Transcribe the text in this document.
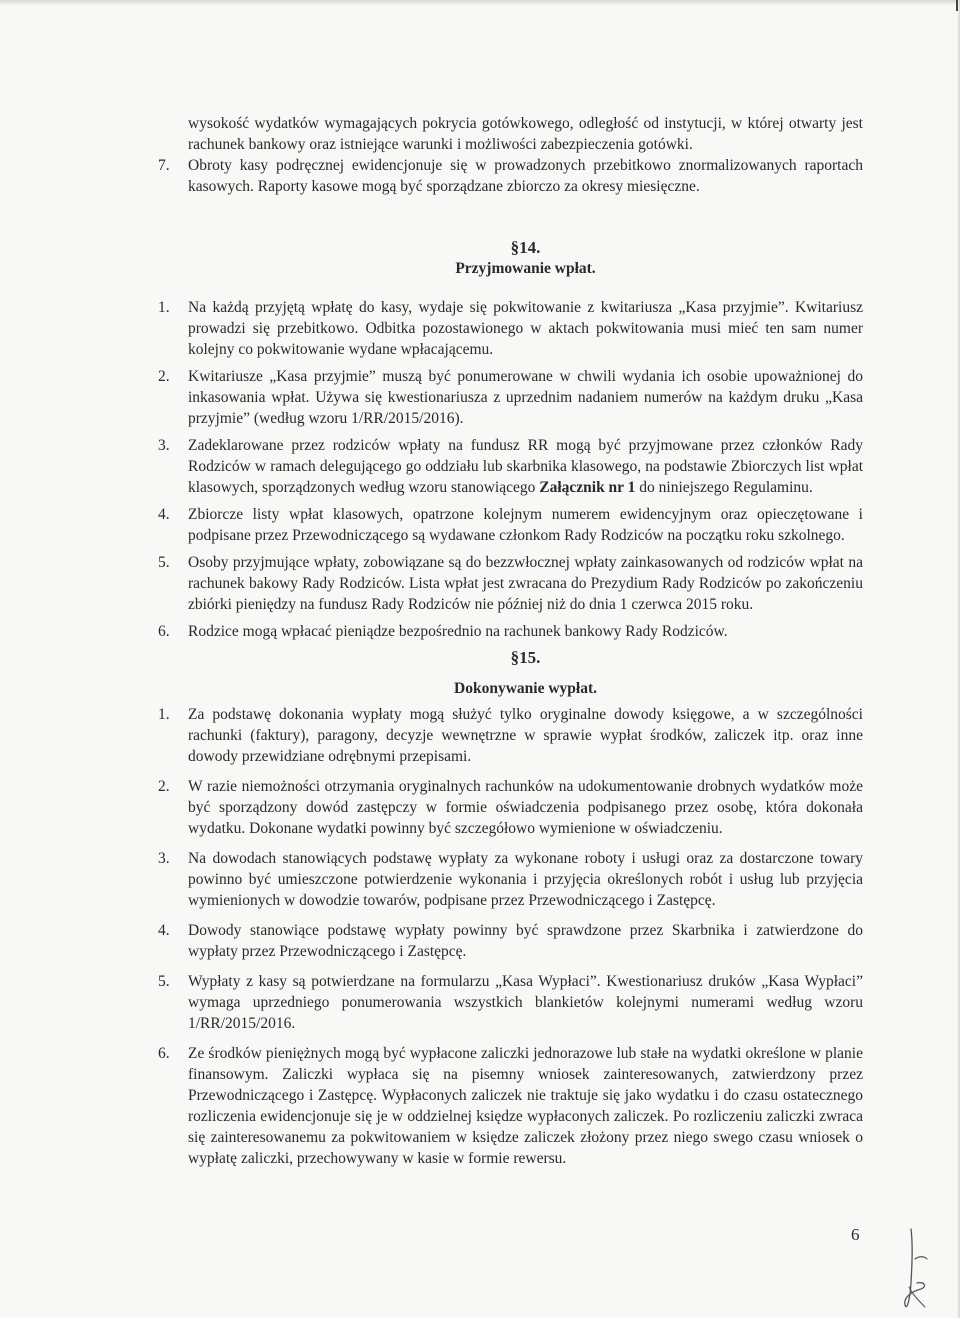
wysokość wydatków wymagających pokrycia gotówkowego, odległość od instytucji, w której otwarty jest rachunek bankowy oraz istniejące warunki i możliwości zabezpieczenia gotówki.

7. Obroty kasy podręcznej ewidencjonuje się w prowadzonych przebitkowo znormalizowanych raportach kasowych. Raporty kasowe mogą być sporządzane zbiorczo za okresy miesięczne.

§14.

Przyjmowanie wpłat.

1. Na każdą przyjętą wpłatę do kasy, wydaje się pokwitowanie z kwitariusza „Kasa przyjmie”. Kwitariusz prowadzi się przebitkowo. Odbitka pozostawionego w aktach pokwitowania musi mieć ten sam numer kolejny co pokwitowanie wydane wpłacającemu.

2. Kwitariusze „Kasa przyjmie” muszą być ponumerowane w chwili wydania ich osobie upoważnionej do inkasowania wpłat. Używa się kwestionariusza z uprzednim nadaniem numerów na każdym druku „Kasa przyjmie” (według wzoru 1/RR/2015/2016).

3. Zadeklarowane przez rodziców wpłaty na fundusz RR mogą być przyjmowane przez członków Rady Rodziców w ramach delegującego go oddziału lub skarbnika klasowego, na podstawie Zbiorczych list wpłat klasowych, sporządzonych według wzoru stanowiącego Załącznik nr 1 do niniejszego Regulaminu.

4. Zbiorcze listy wpłat klasowych, opatrzone kolejnym numerem ewidencyjnym oraz opieczętowane i podpisane przez Przewodniczącego są wydawane członkom Rady Rodziców na początku roku szkolnego.

5. Osoby przyjmujące wpłaty, zobowiązane są do bezzwłocznej wpłaty zainkasowanych od rodziców wpłat na rachunek bakowy Rady Rodziców. Lista wpłat jest zwracana do Prezydium Rady Rodziców po zakończeniu zbiórki pieniędzy na fundusz Rady Rodziców nie później niż do dnia 1 czerwca 2015 roku.

6. Rodzice mogą wpłacać pieniądze bezpośrednio na rachunek bankowy Rady Rodziców.

§15.

Dokonywanie wypłat.

1. Za podstawę dokonania wypłaty mogą służyć tylko oryginalne dowody księgowe, a w szczególności rachunki (faktury), paragony, decyzje wewnętrzne w sprawie wypłat środków, zaliczek itp. oraz inne dowody przewidziane odrębnymi przepisami.

2. W razie niemożności otrzymania oryginalnych rachunków na udokumentowanie drobnych wydatków może być sporządzony dowód zastępczy w formie oświadczenia podpisanego przez osobę, która dokonała wydatku. Dokonane wydatki powinny być szczegółowo wymienione w oświadczeniu.

3. Na dowodach stanowiących podstawę wypłaty za wykonane roboty i usługi oraz za dostarczone towary powinno być umieszczone potwierdzenie wykonania i przyjęcia określonych robót i usług lub przyjęcia wymienionych w dowodzie towarów, podpisane przez Przewodniczącego i Zastępcę.

4. Dowody stanowiące podstawę wypłaty powinny być sprawdzone przez Skarbnika i zatwierdzone do wypłaty przez Przewodniczącego i Zastępcę.

5. Wypłaty z kasy są potwierdzane na formularzu „Kasa Wypłaci”. Kwestionariusz druków „Kasa Wypłaci” wymaga uprzedniego ponumerowania wszystkich blankietów kolejnymi numerami według wzoru 1/RR/2015/2016.

6. Ze środków pieniężnych mogą być wypłacone zaliczki jednorazowe lub stałe na wydatki określone w planie finansowym. Zaliczki wypłaca się na pisemny wniosek zainteresowanych, zatwierdzony przez Przewodniczącego i Zastępcę. Wypłaconych zaliczek nie traktuje się jako wydatku i do czasu ostatecznego rozliczenia ewidencjonuje się je w oddzielnej księdze wypłaconych zaliczek. Po rozliczeniu zaliczki zwraca się zainteresowanemu za pokwitowaniem w księdze zaliczek złożony przez niego swego czasu wniosek o wypłatę zaliczki, przechowywany w kasie w formie rewersu.

6
